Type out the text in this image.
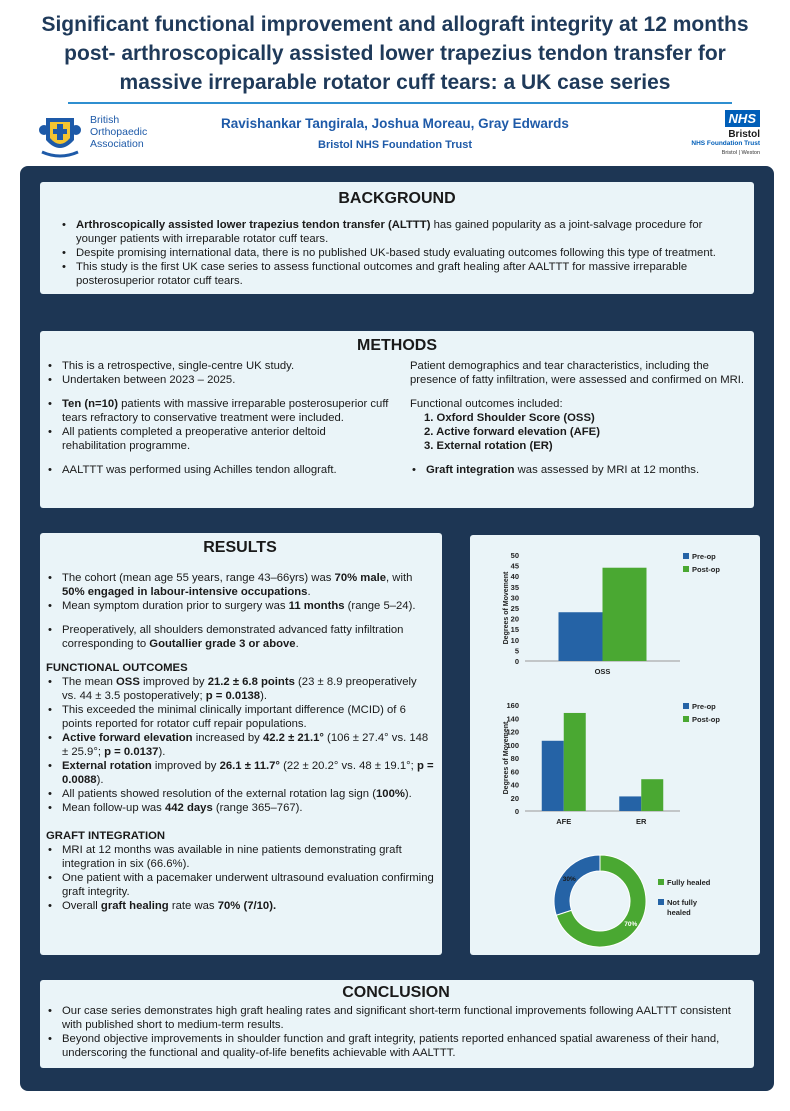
Significant functional improvement and allograft integrity at 12 months post- arthroscopically assisted lower trapezius tendon transfer for massive irreparable rotator cuff tears: a UK case series
British
Orthopaedic
Association
Ravishankar Tangirala, Joshua Moreau, Gray Edwards
Bristol NHS Foundation Trust
NHS
Bristol
NHS Foundation Trust
Bristol | Weston
BACKGROUND
• Arthroscopically assisted lower trapezius tendon transfer (ALTTT) has gained popularity as a joint-salvage procedure for younger patients with irreparable rotator cuff tears.
• Despite promising international data, there is no published UK-based study evaluating outcomes following this type of treatment.
• This study is the first UK case series to assess functional outcomes and graft healing after AALTTT for massive irreparable posterosuperior rotator cuff tears.
METHODS
• This is a retrospective, single-centre UK study.
• Undertaken between 2023 – 2025.
• Ten (n=10) patients with massive irreparable posterosuperior cuff tears refractory to conservative treatment were included.
• All patients completed a preoperative anterior deltoid rehabilitation programme.
• AALTTT was performed using Achilles tendon allograft.
Patient demographics and tear characteristics, including the presence of fatty infiltration, were assessed and confirmed on MRI.
Functional outcomes included:
1. Oxford Shoulder Score (OSS)
2. Active forward elevation (AFE)
3. External rotation (ER)
• Graft integration was assessed by MRI at 12 months.
RESULTS
• The cohort (mean age 55 years, range 43–66yrs) was 70% male, with 50% engaged in labour-intensive occupations.
• Mean symptom duration prior to surgery was 11 months (range 5–24).
• Preoperatively, all shoulders demonstrated advanced fatty infiltration corresponding to Goutallier grade 3 or above.
FUNCTIONAL OUTCOMES
• The mean OSS improved by 21.2 ± 6.8 points (23 ± 8.9 preoperatively vs. 44 ± 3.5 postoperatively; p = 0.0138).
• This exceeded the minimal clinically important difference (MCID) of 6 points reported for rotator cuff repair populations.
• Active forward elevation increased by 42.2 ± 21.1° (106 ± 27.4° vs. 148 ± 25.9°; p = 0.0137).
• External rotation improved by 26.1 ± 11.7° (22 ± 20.2° vs. 48 ± 19.1°; p = 0.0088).
• All patients showed resolution of the external rotation lag sign (100%).
• Mean follow-up was 442 days (range 365–767).
GRAFT INTEGRATION
• MRI at 12 months was available in nine patients demonstrating graft integration in six (66.6%).
• One patient with a pacemaker underwent ultrasound evaluation confirming graft integrity.
• Overall graft healing rate was 70% (7/10).
0
5
10
15
20
25
30
35
40
45
50
Degrees of Movement
OSS
Pre-op
Post-op
0
20
40
60
80
100
120
140
160
Degrees of Movement
AFE	ER
Pre-op
Post-op
70%
30%	Fully healed
Not fully healed
CONCLUSION
• Our case series demonstrates high graft healing rates and significant short-term functional improvements following AALTTT consistent with published short to medium-term results.
• Beyond objective improvements in shoulder function and graft integrity, patients reported enhanced spatial awareness of their hand, underscoring the functional and quality-of-life benefits achievable with AALTTT.
